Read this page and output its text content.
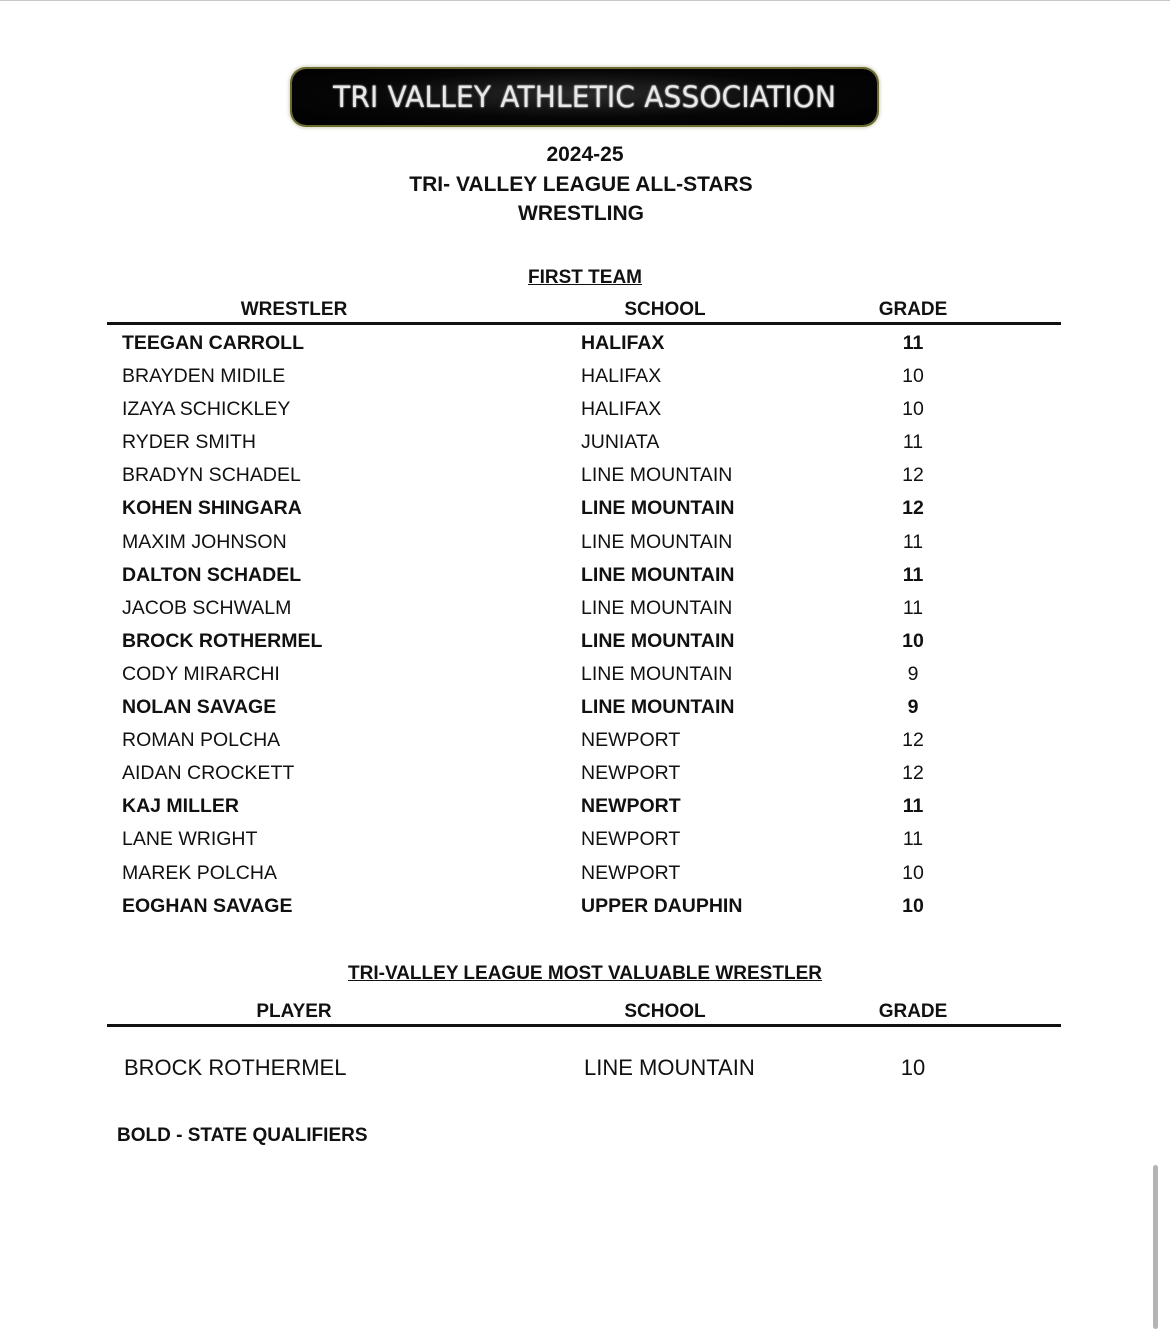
TRI VALLEY ATHLETIC ASSOCIATION
2024-25
TRI- VALLEY LEAGUE ALL-STARS
WRESTLING
FIRST TEAM
WRESTLER	SCHOOL	GRADE
TEEGAN CARROLL	HALIFAX	11
BRAYDEN MIDILE	HALIFAX	10
IZAYA SCHICKLEY	HALIFAX	10
RYDER SMITH	JUNIATA	11
BRADYN SCHADEL	LINE MOUNTAIN	12
KOHEN SHINGARA	LINE MOUNTAIN	12
MAXIM JOHNSON	LINE MOUNTAIN	11
DALTON SCHADEL	LINE MOUNTAIN	11
JACOB SCHWALM	LINE MOUNTAIN	11
BROCK ROTHERMEL	LINE MOUNTAIN	10
CODY MIRARCHI	LINE MOUNTAIN	9
NOLAN SAVAGE	LINE MOUNTAIN	9
ROMAN POLCHA	NEWPORT	12
AIDAN CROCKETT	NEWPORT	12
KAJ MILLER	NEWPORT	11
LANE WRIGHT	NEWPORT	11
MAREK POLCHA	NEWPORT	10
EOGHAN SAVAGE	UPPER DAUPHIN	10
TRI-VALLEY LEAGUE MOST VALUABLE WRESTLER
PLAYER	SCHOOL	GRADE
BROCK ROTHERMEL	LINE MOUNTAIN	10
BOLD - STATE QUALIFIERS
